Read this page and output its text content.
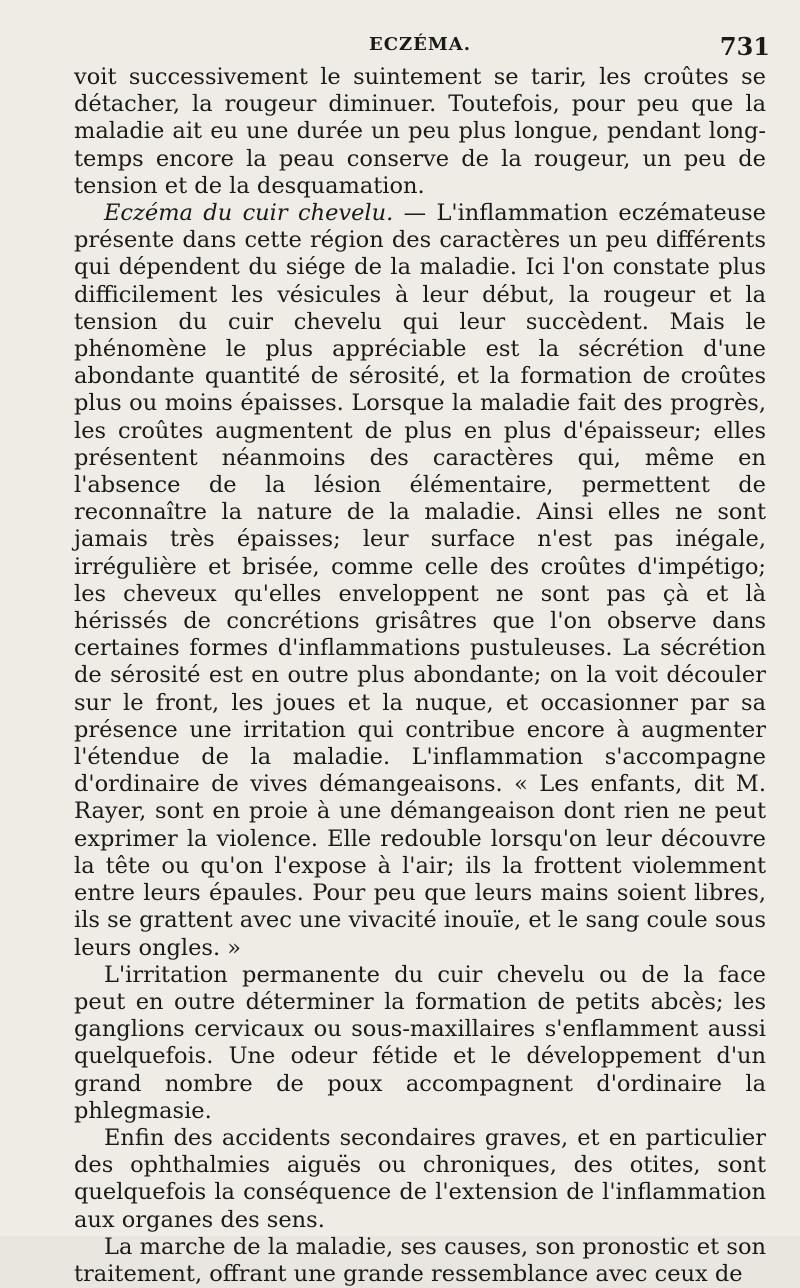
ECZÉMA.	731

voit successivement le suintement se tarir, les croûtes se détacher, la rougeur diminuer. Toutefois, pour peu que la maladie ait eu une durée un peu plus longue, pendant long-temps encore la peau conserve de la rougeur, un peu de tension et de la desquamation.

Eczéma du cuir chevelu. — L'inflammation eczémateuse présente dans cette région des caractères un peu différents qui dépendent du siége de la maladie. Ici l'on constate plus difficilement les vésicules à leur début, la rougeur et la tension du cuir chevelu qui leur succèdent. Mais le phénomène le plus appréciable est la sécrétion d'une abondante quantité de sérosité, et la formation de croûtes plus ou moins épaisses. Lorsque la maladie fait des progrès, les croûtes augmentent de plus en plus d'épaisseur; elles présentent néanmoins des caractères qui, même en l'absence de la lésion élémentaire, permettent de reconnaître la nature de la maladie. Ainsi elles ne sont jamais très épaisses; leur surface n'est pas inégale, irrégulière et brisée, comme celle des croûtes d'impétigo; les cheveux qu'elles enveloppent ne sont pas çà et là hérissés de concrétions grisâtres que l'on observe dans certaines formes d'inflammations pustuleuses. La sécrétion de sérosité est en outre plus abondante; on la voit découler sur le front, les joues et la nuque, et occasionner par sa présence une irritation qui contribue encore à augmenter l'étendue de la maladie. L'inflammation s'accompagne d'ordinaire de vives démangeaisons. « Les enfants, dit M. Rayer, sont en proie à une démangeaison dont rien ne peut exprimer la violence. Elle redouble lorsqu'on leur découvre la tête ou qu'on l'expose à l'air; ils la frottent violemment entre leurs épaules. Pour peu que leurs mains soient libres, ils se grattent avec une vivacité inouïe, et le sang coule sous leurs ongles. »

L'irritation permanente du cuir chevelu ou de la face peut en outre déterminer la formation de petits abcès; les ganglions cervicaux ou sous-maxillaires s'enflamment aussi quelquefois. Une odeur fétide et le développement d'un grand nombre de poux accompagnent d'ordinaire la phlegmasie.

Enfin des accidents secondaires graves, et en particulier des ophthalmies aiguës ou chroniques, des otites, sont quelquefois la conséquence de l'extension de l'inflammation aux organes des sens.

La marche de la maladie, ses causes, son pronostic et son traitement, offrant une grande ressemblance avec ceux de
